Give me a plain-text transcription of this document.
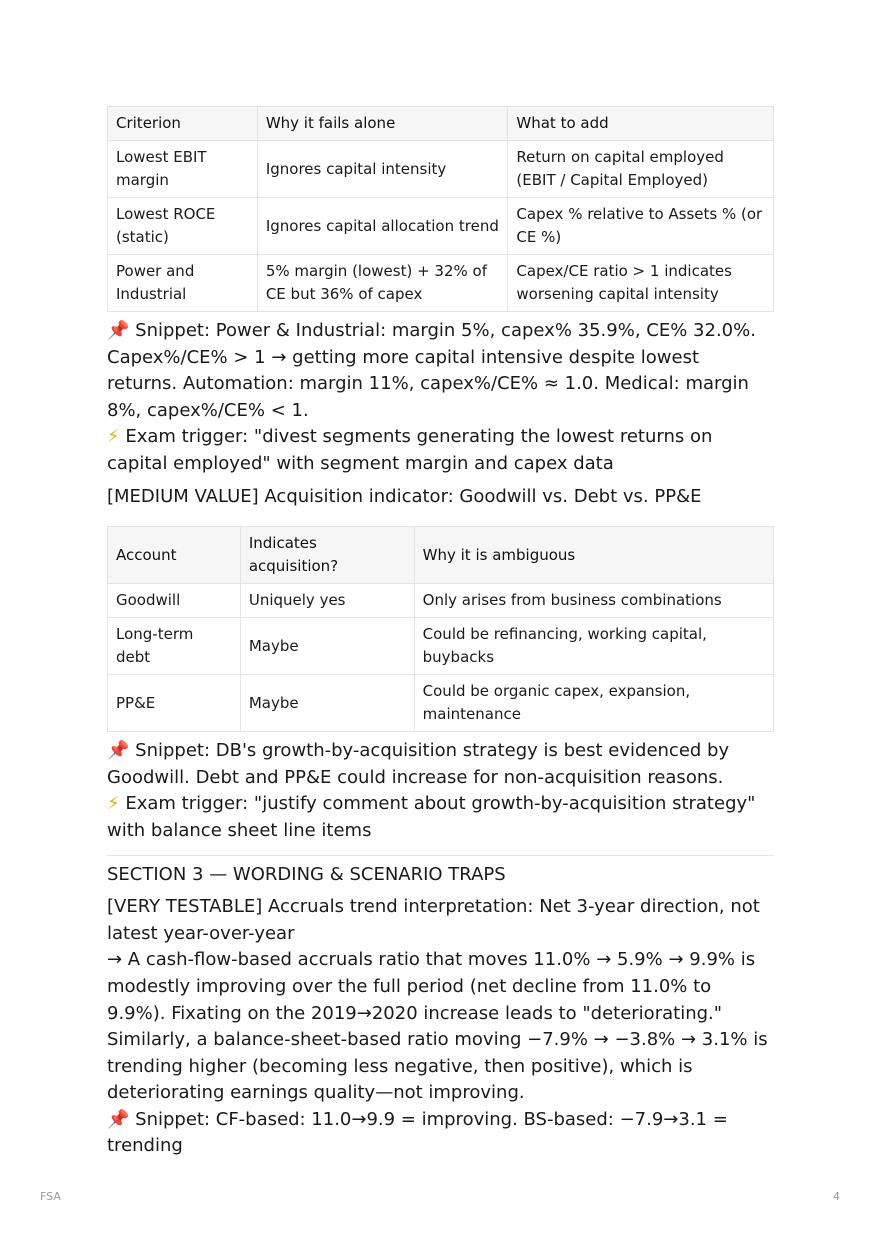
Criterion	Why it fails alone	What to add
Lowest EBIT margin	Ignores capital intensity	Return on capital employed (EBIT / Capital Employed)
Lowest ROCE (static)	Ignores capital allocation trend	Capex % relative to Assets % (or CE %)
Power and Industrial	5% margin (lowest) + 32% of CE but 36% of capex	Capex/CE ratio > 1 indicates worsening capital intensity

📌 Snippet: Power & Industrial: margin 5%, capex% 35.9%, CE% 32.0%. Capex%/CE% > 1 → getting more capital intensive despite lowest returns. Automation: margin 11%, capex%/CE% ≈ 1.0. Medical: margin 8%, capex%/CE% < 1.

⚡ Exam trigger: "divest segments generating the lowest returns on capital employed" with segment margin and capex data

[MEDIUM VALUE] Acquisition indicator: Goodwill vs. Debt vs. PP&E

Account	Indicates acquisition?	Why it is ambiguous
Goodwill	Uniquely yes	Only arises from business combinations
Long-term debt	Maybe	Could be refinancing, working capital, buybacks
PP&E	Maybe	Could be organic capex, expansion, maintenance

📌 Snippet: DB's growth-by-acquisition strategy is best evidenced by Goodwill. Debt and PP&E could increase for non-acquisition reasons.

⚡ Exam trigger: "justify comment about growth-by-acquisition strategy" with balance sheet line items

SECTION 3 — WORDING & SCENARIO TRAPS

[VERY TESTABLE] Accruals trend interpretation: Net 3-year direction, not latest year-over-year

→ A cash-flow-based accruals ratio that moves 11.0% → 5.9% → 9.9% is modestly improving over the full period (net decline from 11.0% to 9.9%). Fixating on the 2019→2020 increase leads to "deteriorating." Similarly, a balance-sheet-based ratio moving −7.9% → −3.8% → 3.1% is trending higher (becoming less negative, then positive), which is deteriorating earnings quality—not improving.

📌 Snippet: CF-based: 11.0→9.9 = improving. BS-based: −7.9→3.1 = trending

FSA	4
